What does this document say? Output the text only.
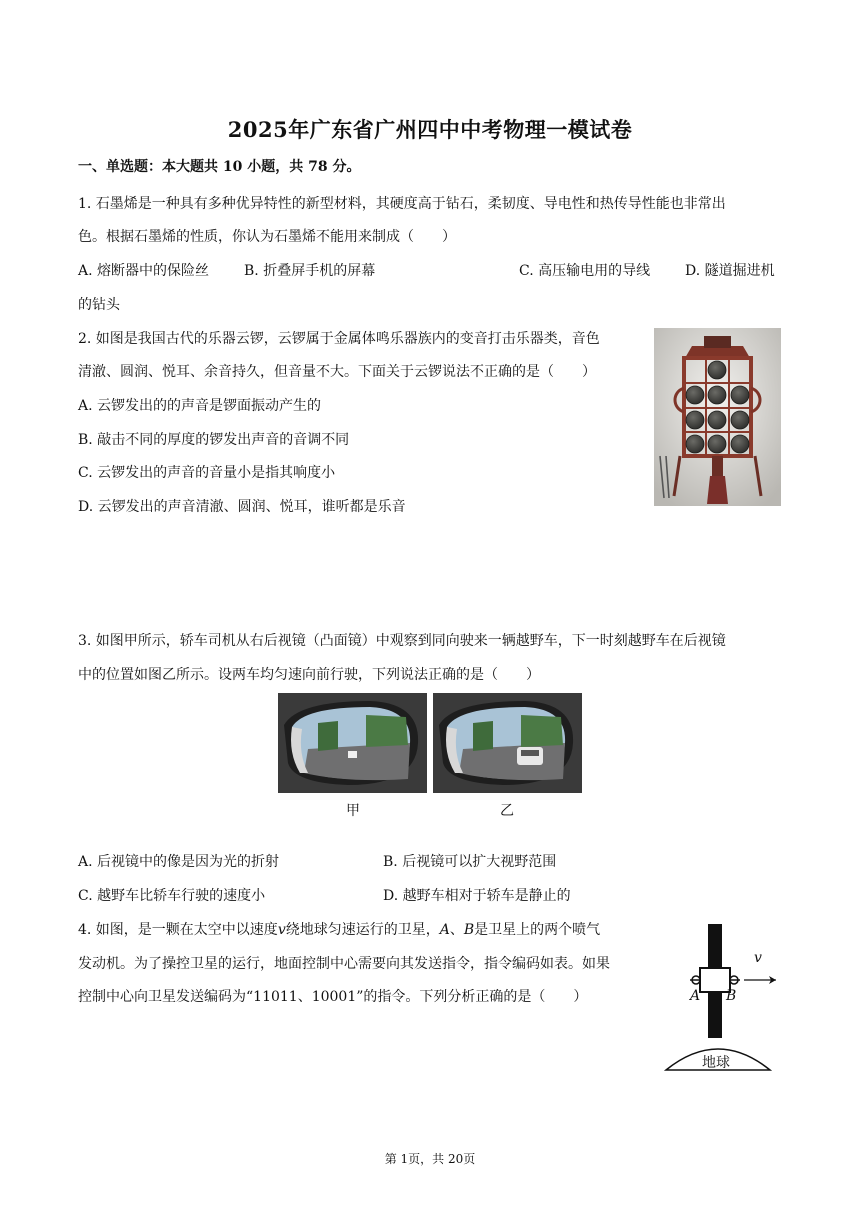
2025年广东省广州四中中考物理一模试卷
一、单选题：本大题共 10 小题，共 78 分。
1. 石墨烯是一种具有多种优异特性的新型材料，其硬度高于钻石，柔韧度、导电性和热传导性能也非常出
色。根据石墨烯的性质，你认为石墨烯不能用来制成（　　）
A. 熔断器中的保险丝 B. 折叠屏手机的屏幕	C. 高压输电用的导线 D. 隧道掘进机
的钻头
2. 如图是我国古代的乐器云锣，云锣属于金属体鸣乐器族内的变音打击乐器类，音色
清澈、圆润、悦耳、余音持久，但音量不大。下面关于云锣说法不正确的是（　　）
A. 云锣发出的的声音是锣面振动产生的
B. 敲击不同的厚度的锣发出声音的音调不同
C. 云锣发出的声音的音量小是指其响度小
D. 云锣发出的声音清澈、圆润、悦耳，谁听都是乐音
3. 如图甲所示，轿车司机从右后视镜（凸面镜）中观察到同向驶来一辆越野车，下一时刻越野车在后视镜
中的位置如图乙所示。设两车均匀速向前行驶，下列说法正确的是（　　）
甲	乙
A. 后视镜中的像是因为光的折射	B. 后视镜可以扩大视野范围
C. 越野车比轿车行驶的速度小	D. 越野车相对于轿车是静止的
4. 如图，是一颗在太空中以速度v绕地球匀速运行的卫星，A、B是卫星上的两个喷气
发动机。为了操控卫星的运行，地面控制中心需要向其发送指令，指令编码如表。如果
控制中心向卫星发送编码为“11011、10001”的指令。下列分析正确的是（　　）
v
A B
地球
第 1页，共 20页
